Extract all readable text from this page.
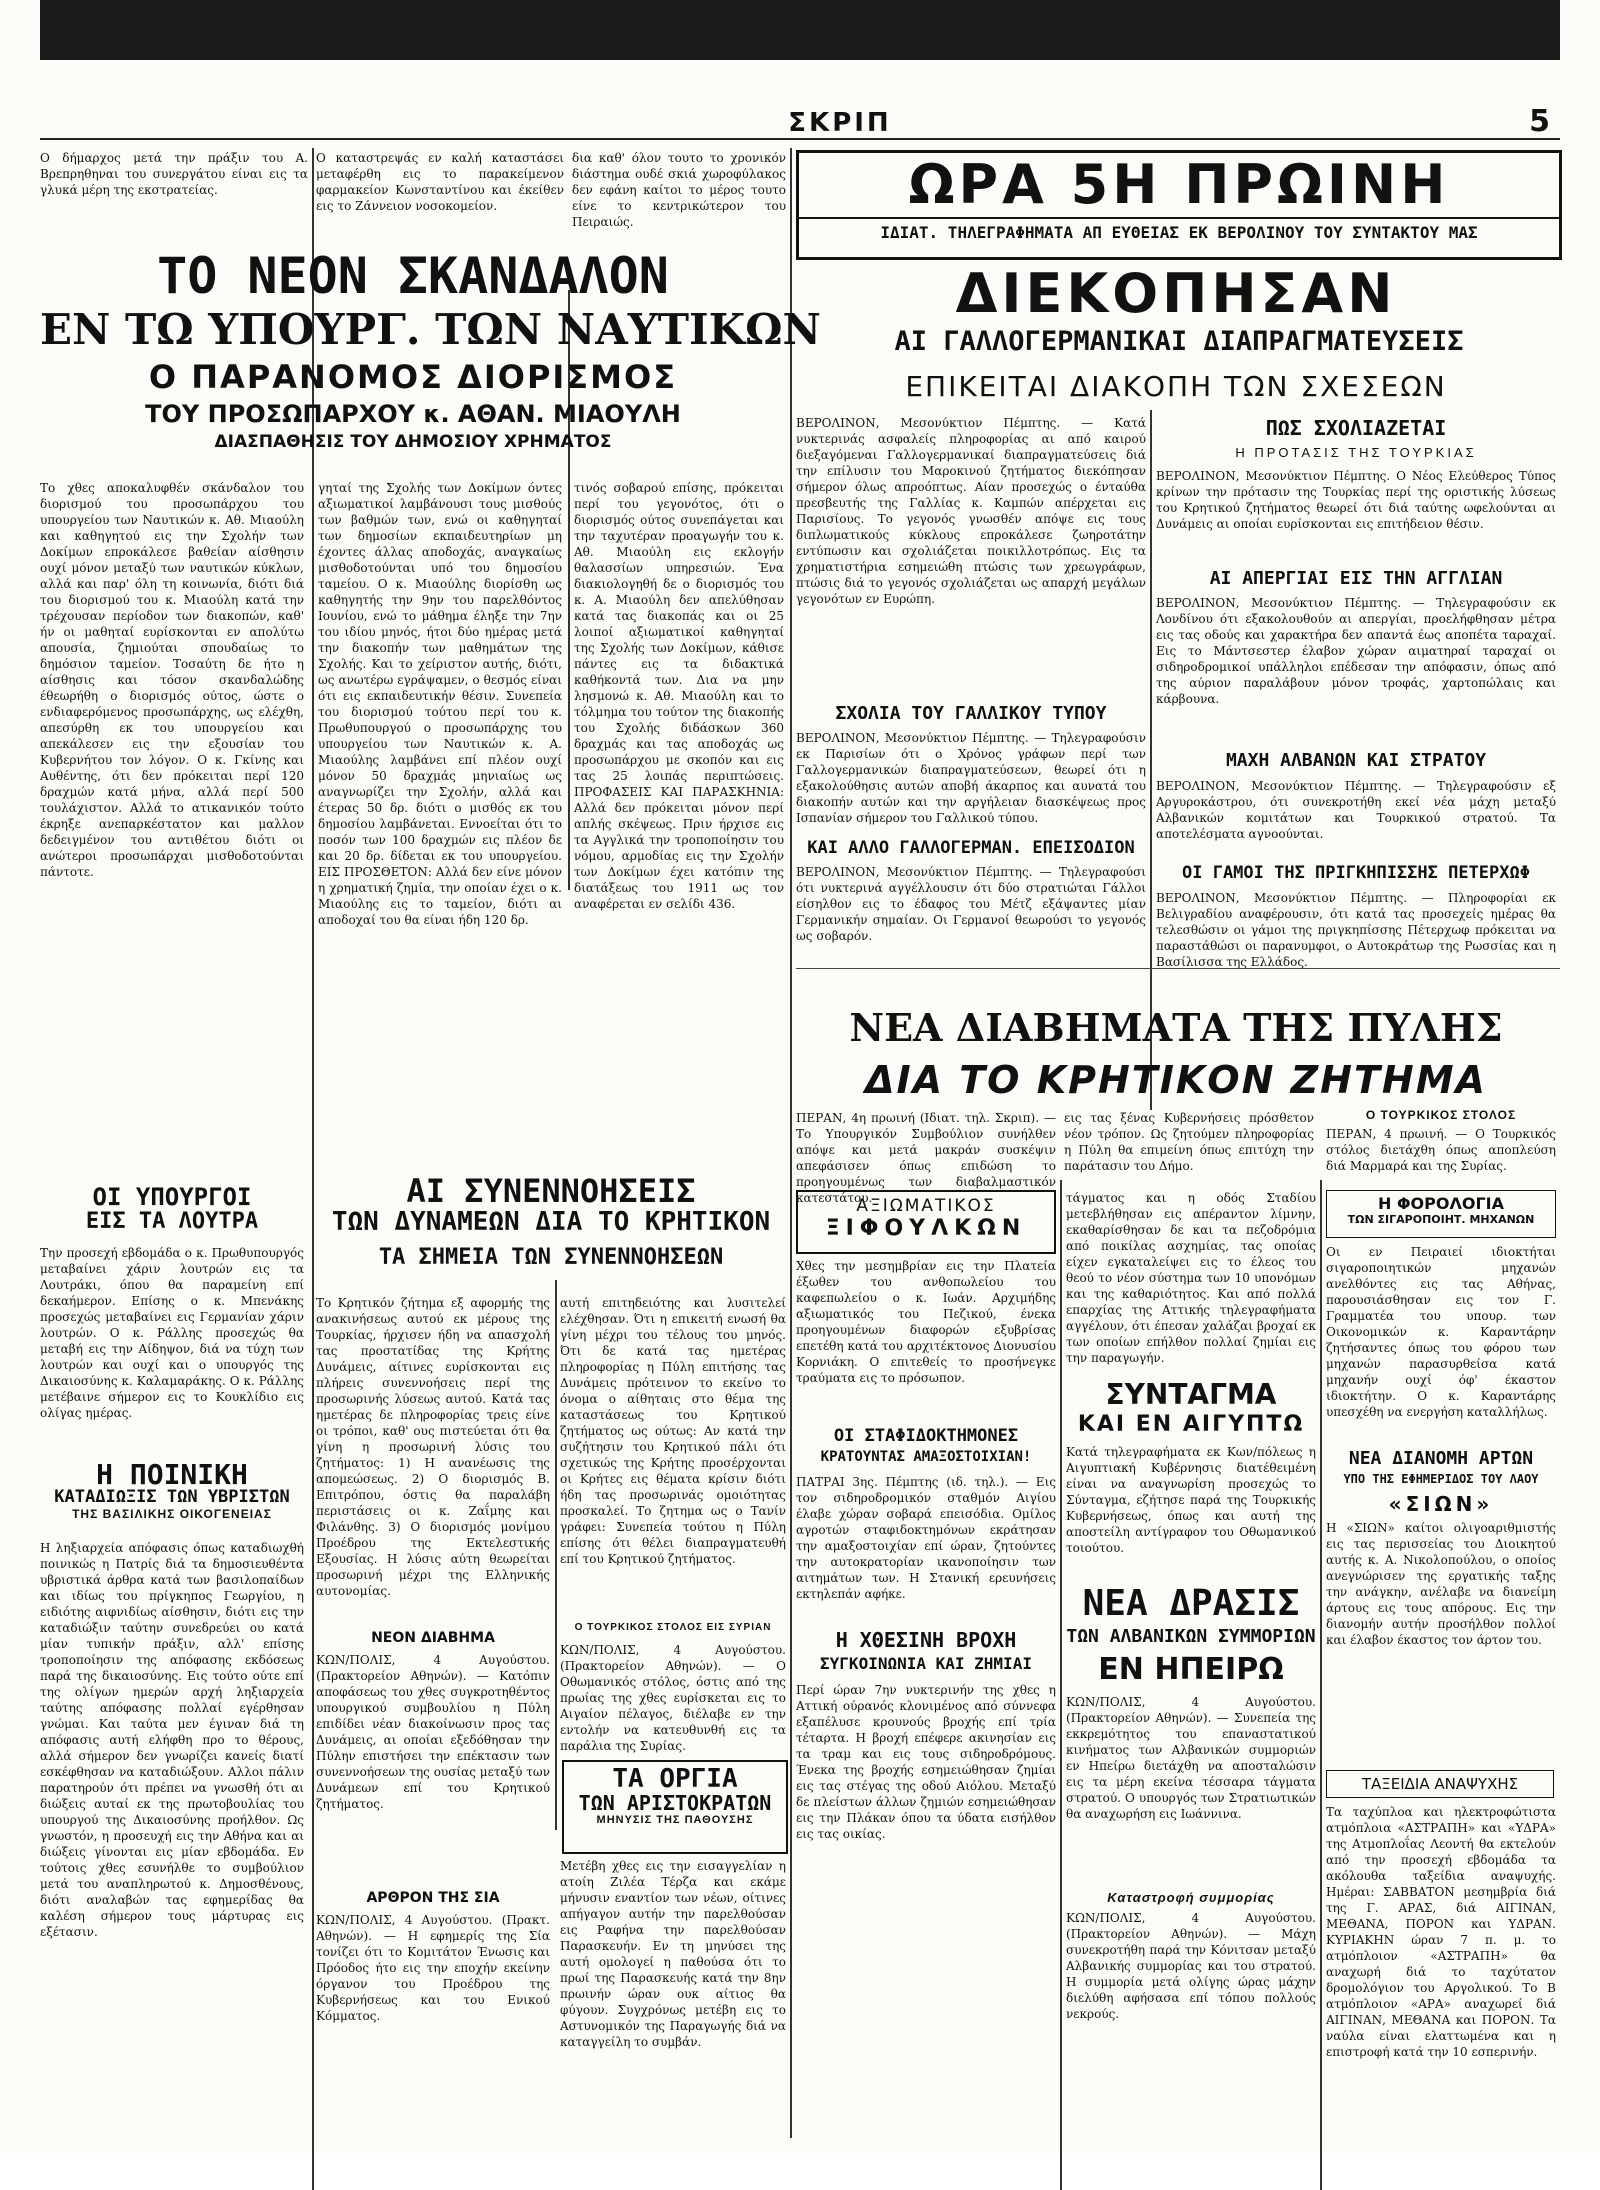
ΣΚΡΙΠ	5
Ο δήμαρχος μετά την πράξιν του Α. Βρεπρηθηναι του συνεργάτου είναι εις τα γλυκά μέρη της εκστρατείας.
Ο καταστρεψάς εν καλή καταστάσει μεταφέρθη εις το παρακείμενον φαρμακείον Κωνσταντίνου και έκείθεν εις το Ζάννειον νοσοκομείον.
δια καθ' όλον τουτο το χρονικόν διάστημα ουδέ σκιά χωροφύλακος δεν εφάνη καίτοι το μέρος τουτο είνε το κεντρικώτερον του Πειραιώς.
ΤΟ ΝΕΟΝ ΣΚΑΝΔΑΛΟΝ
ΕΝ ΤΩ ΥΠΟΥΡΓ. ΤΩΝ ΝΑΥΤΙΚΩΝ
Ο ΠΑΡΑΝΟΜΟΣ ΔΙΟΡΙΣΜΟΣ
ΤΟΥ ΠΡΟΣΩΠΑΡΧΟΥ κ. ΑΘΑΝ. ΜΙΑΟΥΛΗ
ΔΙΑΣΠΑΘΗΣΙΣ ΤΟΥ ΔΗΜΟΣΙΟΥ ΧΡΗΜΑΤΟΣ
Το χθες αποκαλυφθέν σκάνδαλον του διορισμού του προσωπάρχου του υπουργείου των Ναυτικών κ. Αθ. Μιαούλη και καθηγητού εις την Σχολήν των Δοκίμων επροκάλεσε βαθείαν αίσθησιν ουχί μόνον μεταξύ των ναυτικών κύκλων, αλλά και παρ' όλη τη κοινωνία, διότι διά του διορισμού του κ. Μιαούλη κατά την τρέχουσαν περίοδον των διακοπών, καθ' ήν οι μαθηταί ευρίσκονται εν απολύτω απουσία, ζημιούται σπουδαίως το δημόσιον ταμείον. Τοσαύτη δε ήτο η αίσθησις και τόσον σκανδαλώδης έθεωρήθη ο διορισμός ούτος, ώστε ο ενδιαφερόμενος προσωπάρχης, ως ελέχθη, απεσύρθη εκ του υπουργείου και απεκάλεσεν εις την εξουσίαν του Κυβερνήτου τον λόγον. Ο κ. Γκίνης και Αυθέντης, ότι δεν πρόκειται περί 120 δραχμών κατά μήνα, αλλά περί 500 τουλάχιστον. Αλλά το ατικανικόν τούτο έκρηξε ανεπαρκέστατον και μαλλον δεδειγμένον του αντιθέτου διότι οι ανώτεροι προσωπάρχαι μισθοδοτούνται πάντοτε.
γηταί της Σχολής των Δοκίμων όντες αξιωματικοί λαμβάνουσι τους μισθούς των βαθμών των, ενώ οι καθηγηταί των δημοσίων εκπαιδευτηρίων μη έχοντες άλλας αποδοχάς, αναγκαίως μισθοδοτούνται υπό του δημοσίου ταμείου. Ο κ. Μιαούλης διορίσθη ως καθηγητής την 9ην του παρελθόντος Ιουνίου, ενώ το μάθημα έληξε την 7ην του ιδίου μηνός, ήτοι δύο ημέρας μετά την διακοπήν των μαθημάτων της Σχολής. Και το χείριστον αυτής, διότι, ως ανωτέρω εγράψαμεν, ο θεσμός είναι ότι εις εκπαιδευτικήν θέσιν. Συνεπεία του διορισμού τούτου περί του κ. Πρωθυπουργού ο προσωπάρχης του υπουργείου των Ναυτικών κ. Α. Μιαούλης λαμβάνει επί πλέον ουχί μόνον 50 δραχμάς μηνιαίως ως αναγνωρίζει την Σχολήν, αλλά και έτερας 50 δρ. διότι ο μισθός εκ του δημοσίου λαμβάνεται. Εννοείται ότι το ποσόν των 100 δραχμών εις πλέον δε και 20 δρ. δίδεται εκ του υπουργείου. ΕΙΣ ΠΡΟΣΘΕΤΟΝ: Αλλά δεν είνε μόνον η χρηματική ζημία, την οποίαν έχει ο κ. Μιαούλης εις το ταμείον, διότι αι αποδοχαί του θα είναι ήδη 120 δρ.
τινός σοβαρού επίσης, πρόκειται περί του γεγονότος, ότι ο διορισμός ούτος συνεπάγεται και την ταχυτέραν προαγωγήν του κ. Αθ. Μιαούλη εις εκλογήν θαλασσίων υπηρεσιών. Ένα διακιολογηθή δε ο διορισμός του κ. Α. Μιαούλη δεν απελύθησαν κατά τας διακοπάς και οι 25 λοιποί αξιωματικοί καθηγηταί της Σχολής των Δοκίμων, κάθισε πάντες εις τα διδακτικά καθήκοντά των. Δια να μην λησμονώ κ. Αθ. Μιαούλη και το τόλμημα του τούτον της διακοπής του Σχολής διδάσκων 360 δραχμάς και τας αποδοχάς ως προσωπάρχου με σκοπόν και εις τας 25 λοιπάς περιπτώσεις. ΠΡΟΦΑΣΕΙΣ ΚΑΙ ΠΑΡΑΣΚΗΝΙΑ: Αλλά δεν πρόκειται μόνον περί απλής σκέψεως. Πριν ήρχισε εις τα Αγγλικά την τροποποίησιν του νόμου, αρμοδίας εις την Σχολήν των Δοκίμων έχει κατόπιν της διατάξεως του 1911 ως τον αναφέρεται εν σελίδι 436.
ΟΙ ΥΠΟΥΡΓΟΙ
ΕΙΣ ΤΑ ΛΟΥΤΡΑ
Την προσεχή εβδομάδα ο κ. Πρωθυπουργός μεταβαίνει χάριν λουτρών εις τα Λουτράκι, όπου θα παραμείνη επί δεκαήμερον. Επίσης ο κ. Μπενάκης προσεχώς μεταβαίνει εις Γερμανίαν χάριν λουτρών. Ο κ. Ράλλης προσεχώς θα μεταβή εις την Αίδηψον, διά να τύχη των λουτρών και ουχί και ο υπουργός της Δικαιοσύνης κ. Καλαμαράκης. Ο κ. Ράλλης μετέβαινε σήμερον εις το Κουκλίδιο εις ολίγας ημέρας.
Η ΠΟΙΝΙΚΗ
ΚΑΤΑΔΙΩΞΙΣ ΤΩΝ ΥΒΡΙΣΤΩΝ
ΤΗΣ ΒΑΣΙΛΙΚΗΣ ΟΙΚΟΓΕΝΕΙΑΣ
Η ληξιαρχεία απόφασις όπως καταδιωχθή ποινικώς η Πατρίς διά τα δημοσιευθέντα υβριστικά άρθρα κατά των βασιλοπαίδων και ιδίως του πρίγκηπος Γεωργίου, η ειδιότης αιφνιδίως αίσθησιν, διότι εις την καταδιώξιν ταύτην συνεδρεύει ου κατά μίαν τυπικήν πράξιν, αλλ' επίσης τροποποίησιν της απόφασης εκδόσεως παρά της δικαιοσύνης. Εις τούτο ούτε επί της ολίγων ημερών αρχή ληξιαρχεία ταύτης απόφασης πολλαί εγέρθησαν γνώμαι. Και ταύτα μεν έγιναν διά τη απόφασις αυτή ελήφθη προ το θέρους, αλλά σήμερον δεν γνωρίζει κανείς διατί εσκέφθησαν να καταδιώξουν. Αλλοι πάλιν παρατηρούν ότι πρέπει να γνωσθή ότι αι διώξεις αυταί εκ της πρωτοβουλίας του υπουργού της Δικαιοσύνης προήλθον. Ως γνωστόν, η προσευχή εις την Αθήνα και αι διώξεις γίνονται εις μίαν εβδομάδα. Εν τούτοις χθες εσυνήλθε το συμβούλιον μετά του αναπληρωτού κ. Δημοσθένους, διότι αναλαβών τας εφημερίδας θα καλέση σήμερον τους μάρτυρας εις εξέτασιν.
ΑΙ ΣΥΝΕΝΝΟΗΣΕΙΣ
ΤΩΝ ΔΥΝΑΜΕΩΝ ΔΙΑ ΤΟ ΚΡΗΤΙΚΟΝ
ΤΑ ΣΗΜΕΙΑ ΤΩΝ ΣΥΝΕΝΝΟΗΣΕΩΝ
Το Κρητικόν ζήτημα εξ αφορμής της ανακινήσεως αυτού εκ μέρους της Τουρκίας, ήρχισεν ήδη να απασχολή τας προστατίδας της Κρήτης Δυνάμεις, αίτινες ευρίσκονται εις πλήρεις συνεννοήσεις περί της προσωρινής λύσεως αυτού. Κατά τας ημετέρας δε πληροφορίας τρεις είνε οι τρόποι, καθ' ους πιστεύεται ότι θα γίνη η προσωρινή λύσις του ζητήματος: 1) Η ανανέωσις της απομεώσεως. 2) Ο διορισμός Β. Επιτρόπου, όστις θα παραλάβη περιστάσεις οι κ. Ζαΐμης και Φιλάνθης. 3) Ο διορισμός μονίμου Προέδρου της Εκτελεστικής Εξουσίας. Η λύσις αύτη θεωρείται προσωρινή μέχρι της Ελληνικής αυτονομίας.
αυτή επιτηδειότης και λυσιτελεί ελέχθησαν. Ότι η επικειτή ενωσή θα γίνη μέχρι του τέλους του μηνός. Ότι δε κατά τας ημετέρας πληροφορίας η Πύλη επιτήσης τας Δυνάμεις πρότεινον το εκείνο το όνομα ο αίθηταις στο θέμα της καταστάσεως του Κρητικού ζητήματος ως ούτως: Αν κατά την συζήτησιν του Κρητικού πάλι ότι σχετικώς της Κρήτης προσέρχονται οι Κρήτες εις θέματα κρίσιν διότι ήδη τας προσωρινάς ομοιότητας προσκαλεί. Το ζητημα ως ο Τανίν γράφει: Συνεπεία τούτου η Πύλη επίσης ότι θέλει διαπραγματευθή επί του Κρητικού ζητήματος.
ΝΕΟΝ ΔΙΑΒΗΜΑ
ΚΩΝ/ΠΟΛΙΣ, 4 Αυγούστου. (Πρακτορείον Αθηνών). — Κατόπιν αποφάσεως του χθες συγκροτηθέντος υπουργικού συμβουλίου η Πύλη επιδίδει νέαν διακοίνωσιν προς τας Δυνάμεις, αι οποίαι εξεδόθησαν την Πύλην επιστήσει την επέκτασιν των συνεννοήσεων της ουσίας μεταξύ των Δυνάμεων επί του Κρητικού ζητήματος.
ΑΡΘΡΟΝ ΤΗΣ ΣΙΑ
ΚΩΝ/ΠΟΛΙΣ, 4 Αυγούστου. (Πρακτ. Αθηνών). — Η εφημερίς της Σία τονίζει ότι το Κομιτάτον Ένωσις και Πρόοδος ήτο εις την εποχήν εκείνην όργανον του Προέδρου της Κυβερνήσεως και του Ενικού Κόμματος.
Ο ΤΟΥΡΚΙΚΟΣ ΣΤΟΛΟΣ ΕΙΣ ΣΥΡΙΑΝ
ΚΩΝ/ΠΟΛΙΣ, 4 Αυγούστου. (Πρακτορείον Αθηνών). — Ο Οθωμανικός στόλος, όστις από της πρωίας της χθες ευρίσκεται εις το Αιγαίον πέλαγος, διέλαβε εν την εντολήν να κατευθυνθή εις τα παράλια της Συρίας.
ΤΑ ΟΡΓΙΑ
ΤΩΝ ΑΡΙΣΤΟΚΡΑΤΩΝ
ΜΗΝΥΣΙΣ ΤΗΣ ΠΑΘΟΥΣΗΣ
Μετέβη χθες εις την εισαγγελίαν η ατοίη Ζιλέα Τέρζα και εκάμε μήνυσιν εναντίον των νέων, οίτινες απήγαγον αυτήν την παρελθούσαν εις Ραφήνα την παρελθούσαν Παρασκευήν. Εν τη μηνύσει της αυτή ομολογεί η παθούσα ότι το πρωί της Παρασκευής κατά την 8ην πρωινήν ώραν ουκ αίτιος θα φύγουν. Συγχρόνως μετέβη εις το Αστυνομικόν της Παραγωγής διά να καταγγείλη το συμβάν.
ΩΡΑ 5Η ΠΡΩΙΝΗ
ΙΔΙΑΤ. ΤΗΛΕΓΡΑΦΗΜΑΤΑ ΑΠ ΕΥΘΕΙΑΣ ΕΚ ΒΕΡΟΛΙΝΟΥ ΤΟΥ ΣΥΝΤΑΚΤΟΥ ΜΑΣ
ΔΙΕΚΟΠΗΣΑΝ
ΑΙ ΓΑΛΛΟΓΕΡΜΑΝΙΚΑΙ ΔΙΑΠΡΑΓΜΑΤΕΥΣΕΙΣ
ΕΠΙΚΕΙΤΑΙ ΔΙΑΚΟΠΗ ΤΩΝ ΣΧΕΣΕΩΝ
ΒΕΡΟΛΙΝΟΝ, Μεσονύκτιον Πέμπτης. — Κατά νυκτερινάς ασφαλείς πληροφορίας αι από καιρού διεξαγόμεναι Γαλλογερμανικαί διαπραγματεύσεις διά την επίλυσιν του Μαροκινού ζητήματος διεκόπησαν σήμερον όλως απροόπτως. Αίαν προσεχώς ο ένταύθα πρεσβευτής της Γαλλίας κ. Καμπών απέρχεται εις Παρισίους. Το γεγονός γνωσθέν απόψε εις τους διπλωματικούς κύκλους επροκάλεσε ζωηροτάτην εντύπωσιν και σχολιάζεται ποικιλλοτρόπως. Εις τα χρηματιστήρια εσημειώθη πτώσις των χρεωγράφων, πτώσις διά το γεγονός σχολιάζεται ως απαρχή μεγάλων γεγονότων εν Ευρώπη.
ΣΧΟΛΙΑ ΤΟΥ ΓΑΛΛΙΚΟΥ ΤΥΠΟΥ
ΒΕΡΟΛΙΝΟΝ, Μεσονύκτιον Πέμπτης. — Τηλεγραφούσιν εκ Παρισίων ότι ο Χρόνος γράφων περί των Γαλλογερμανικών διαπραγματεύσεων, θεωρεί ότι η εξακολούθησις αυτών αποβή άκαρπος και αυνατά του διακοπήν αυτών και την αργήλειαν διασκέψεως προς Ισπανίαν σήμερον του Γαλλικού τύπου.
ΚΑΙ ΑΛΛΟ ΓΑΛΛΟΓΕΡΜΑΝ. ΕΠΕΙΣΟΔΙΟΝ
ΒΕΡΟΛΙΝΟΝ, Μεσονύκτιον Πέμπτης. — Τηλεγραφούσι ότι νυκτερινά αγγέλλουσιν ότι δύο στρατιώται Γάλλοι είσηλθον εις το έδαφος του Μέτζ εξάψαντες μίαν Γερμανικήν σημαίαν. Οι Γερμανοί θεωρούσι το γεγονός ως σοβαρόν.
ΠΩΣ ΣΧΟΛΙΑΖΕΤΑΙ
Η ΠΡΟΤΑΣΙΣ ΤΗΣ ΤΟΥΡΚΙΑΣ
ΒΕΡΟΛΙΝΟΝ, Μεσονύκτιον Πέμπτης. Ο Νέος Ελεύθερος Τύπος κρίνων την πρότασιν της Τουρκίας περί της οριστικής λύσεως του Κρητικού ζητήματος θεωρεί ότι διά ταύτης ωφελούνται αι Δυνάμεις αι οποίαι ευρίσκονται εις επιτήδειον θέσιν.
ΑΙ ΑΠΕΡΓΙΑΙ ΕΙΣ ΤΗΝ ΑΓΓΛΙΑΝ
ΒΕΡΟΛΙΝΟΝ, Μεσονύκτιον Πέμπτης. — Τηλεγραφούσιν εκ Λονδίνου ότι εξακολουθούν αι απεργίαι, προελήφθησαν μέτρα εις τας οδούς και χαρακτήρα δεν απαντά έως αποπέτα ταραχαί. Εις το Μάντσεστερ έλαβον χώραν αιματηραί ταραχαί οι σιδηροδρομικοί υπάλληλοι επέδεσαν την απόφασιν, όπως από της αύριον παραλάβουν μόνον τροφάς, χαρτοπώλαις και κάρβουνα.
ΜΑΧΗ ΑΛΒΑΝΩΝ ΚΑΙ ΣΤΡΑΤΟΥ
ΒΕΡΟΛΙΝΟΝ, Μεσονύκτιον Πέμπτης. — Τηλεγραφούσιν εξ Αργυροκάστρου, ότι συνεκροτήθη εκεί νέα μάχη μεταξύ Αλβανικών κομιτάτων και Τουρκικού στρατού. Τα αποτελέσματα αγνοούνται.
ΟΙ ΓΑΜΟΙ ΤΗΣ ΠΡΙΓΚΗΠΙΣΣΗΣ ΠΕΤΕΡΧΩΦ
ΒΕΡΟΛΙΝΟΝ, Μεσονύκτιον Πέμπτης. — Πληροφορίαι εκ Βελιγραδίου αναφέρουσιν, ότι κατά τας προσεχείς ημέρας θα τελεσθώσιν οι γάμοι της πριγκηπίσσης Πέτερχωφ πρόκειται να παραστάθώσι οι παρανυμφοι, ο Αυτοκράτωρ της Ρωσσίας και η Βασίλισσα της Ελλάδος.
ΝΕΑ ΔΙΑΒΗΜΑΤΑ ΤΗΣ ΠΥΛΗΣ
ΔΙΑ ΤΟ ΚΡΗΤΙΚΟΝ ΖΗΤΗΜΑ
ΠΕΡΑΝ, 4η πρωινή (Ιδιατ. τηλ. Σκριπ). — Το Υπουργικόν Συμβούλιον συνήλθεν απόψε και μετά μακράν συσκέψιν απεφάσισεν όπως επιδώση το προηγουμένως των διαβαλμαστικόν κατεστάτου.
εις τας ξένας Κυβερνήσεις πρόσθετον νέον τρόπον. Ως ζητούμεν πληροφορίας η Πύλη θα επιμείνη όπως επιτύχη την παράτασιν του Δήμο.
Ο ΤΟΥΡΚΙΚΟΣ ΣΤΟΛΟΣ
ΠΕΡΑΝ, 4 πρωινή. — Ο Τουρκικός στόλος διετάχθη όπως αποπλεύση διά Μαρμαρά και της Συρίας.
ΑΞΙΩΜΑΤΙΚΟΣ
ΞΙΦΟΥΛΚΩΝ
Χθες την μεσημβρίαν εις την Πλατεία έξωθεν του ανθοπωλείου του καφεπωλείου ο κ. Ιωάν. Αρχιμήδης αξιωματικός του Πεζικού, ένεκα προηγουμένων διαφορών εξυβρίσας επετέθη κατά του αρχιτέκτονος Διονυσίου Κορνιάκη. Ο επιτεθείς το προσήνεγκε τραύματα εις το πρόσωπον.
ΟΙ ΣΤΑΦΙΔΟΚΤΗΜΟΝΕΣ
ΚΡΑΤΟΥΝΤΑΣ ΑΜΑΞΟΣΤΟΙΧΙΑΝ!
ΠΑΤΡΑΙ 3ης. Πέμπτης (ιδ. τηλ.). — Εις τον σιδηροδρομικόν σταθμόν Αιγίου έλαβε χώραν σοβαρά επεισόδια. Ομίλος αγροτών σταφιδοκτημόνων εκράτησαν την αμαξοστοιχίαν επί ώραν, ζητούντες την αυτοκρατορίαν ικανοποίησιν των αιτημάτων των. Η Στανική ερευνήσεις εκτηλεπάν αφήκε.
Η ΧΘΕΣΙΝΗ ΒΡΟΧΗ
ΣΥΓΚΟΙΝΩΝΙΑ ΚΑΙ ΖΗΜΙΑΙ
Περί ώραν 7ην νυκτερινήν της χθες η Αττική ούρανός κλονιμένος από σύννεφα εξαπέλυσε κρουνούς βροχής επί τρία τέταρτα. Η βροχή επέφερε ακινησίαν εις τα τραμ και εις τους σιδηροδρόμους. Ένεκα της βροχής εσημειώθησαν ζημίαι εις τας στέγας της οδού Αιόλου. Μεταξύ δε πλείστων άλλων ζημιών εσημειώθησαν εις την Πλάκαν όπου τα ύδατα εισήλθον εις τας οικίας.
τάγματος και η οδός Σταδίου μετεβλήθησαν εις απέραντον λίμνην, εκαθαρίσθησαν δε και τα πεζοδρόμια από ποικίλας ασχημίας, τας οποίας είχεν εγκαταλείψει εις το έλεος του θεού το νέον σύστημα των 10 υπονόμων και της καθαριότητος. Και από πολλά επαρχίας της Αττικής τηλεγραφήματα αγγέλουν, ότι έπεσαν χαλάζαι βροχαί εκ των οποίων επήλθον πολλαί ζημίαι εις την παραγωγήν.
ΣΥΝΤΑΓΜΑ
ΚΑΙ ΕΝ ΑΙΓΥΠΤΩ
Κατά τηλεγραφήματα εκ Κων/πόλεως η Αιγυπτιακή Κυβέρνησις διατέθειμένη είναι να αναγνωρίση προσεχώς το Σύνταγμα, εζήτησε παρά της Τουρκικής Κυβερνήσεως, όπως και αυτή της αποστείλη αντίγραφον του Οθωμανικού τοιούτου.
ΝΕΑ ΔΡΑΣΙΣ
ΤΩΝ ΑΛΒΑΝΙΚΩΝ ΣΥΜΜΟΡΙΩΝ
ΕΝ ΗΠΕΙΡΩ
ΚΩΝ/ΠΟΛΙΣ, 4 Αυγούστου. (Πρακτορείον Αθηνών). — Συνεπεία της εκκρεμότητος του επαναστατικού κινήματος των Αλβανικών συμμοριών εν Ηπείρω διετάχθη να αποσταλώσιν εις τα μέρη εκείνα τέσσαρα τάγματα στρατού. Ο υπουργός των Στρατιωτικών θα αναχωρήση εις Ιωάννινα.
Καταστροφή συμμορίας
ΚΩΝ/ΠΟΛΙΣ, 4 Αυγούστου. (Πρακτορείον Αθηνών). — Μάχη συνεκροτήθη παρά την Κόνιτσαν μεταξύ Αλβανικής συμμορίας και του στρατού. Η συμμορία μετά ολίγης ώρας μάχην διελύθη αφήσασα επί τόπου πολλούς νεκρούς.
Η ΦΟΡΟΛΟΓΙΑ
ΤΩΝ ΣΙΓΑΡΟΠΟΙΗΤ. ΜΗΧΑΝΩΝ
Οι εν Πειραιεί ιδιοκτήται σιγαροποιητικών μηχανών ανελθόντες εις τας Αθήνας, παρουσιάσθησαν εις τον Γ. Γραμματέα του υπουρ. των Οικονομικών κ. Καραντάρην ζητήσαντες όπως του φόρου των μηχανών παρασυρθείσα κατά μηχανήν ουχί όφ' έκαστον ιδιοκτήτην. Ο κ. Καραντάρης υπεσχέθη να ενεργήση καταλλήλως.
ΝΕΑ ΔΙΑΝΟΜΗ ΑΡΤΩΝ
ΥΠΟ ΤΗΣ ΕΦΗΜΕΡΙΔΟΣ ΤΟΥ ΛΑΟΥ
«ΣΙΩΝ»
Η «ΣΙΩΝ» καίτοι ολιγοαριθμιστής εις τας περισσείας του Διοικητού αυτής κ. Α. Νικολοπούλου, ο οποίος ανεγνώρισεν της εργατικής ταξης την ανάγκην, ανέλαβε να διανείμη άρτους εις τους απόρους. Εις την διανομήν αυτήν προσήλθον πολλοί και έλαβον έκαστος τον άρτον του.
ΤΑΞΕΙΔΙΑ ΑΝΑΨΥΧΗΣ
Τα ταχύπλοα και ηλεκτροφώτιστα ατμόπλοια «ΑΣΤΡΑΠΗ» και «ΥΔΡΑ» της Ατμοπλοΐας Λεοντή θα εκτελούν από την προσεχή εβδομάδα τα ακόλουθα ταξείδια αναψυχής. Ημέραι: ΣΑΒΒΑΤΟΝ μεσημβρία διά της Γ. ΑΡΑΣ, διά ΑΙΓΙΝΑΝ, ΜΕΘΑΝΑ, ΠΟΡΟΝ και ΥΔΡΑΝ. ΚΥΡΙΑΚΗΝ ώραν 7 π. μ. το ατμόπλοιον «ΑΣΤΡΑΠΗ» θα αναχωρή διά το ταχύτατον δρομολόγιον του Αργολικού. Το Β ατμόπλοιον «ΑΡΑ» αναχωρεί διά ΑΙΓΙΝΑΝ, ΜΕΘΑΝΑ και ΠΟΡΟΝ. Τα ναύλα είναι ελαττωμένα και η επιστροφή κατά την 10 εσπερινήν.
